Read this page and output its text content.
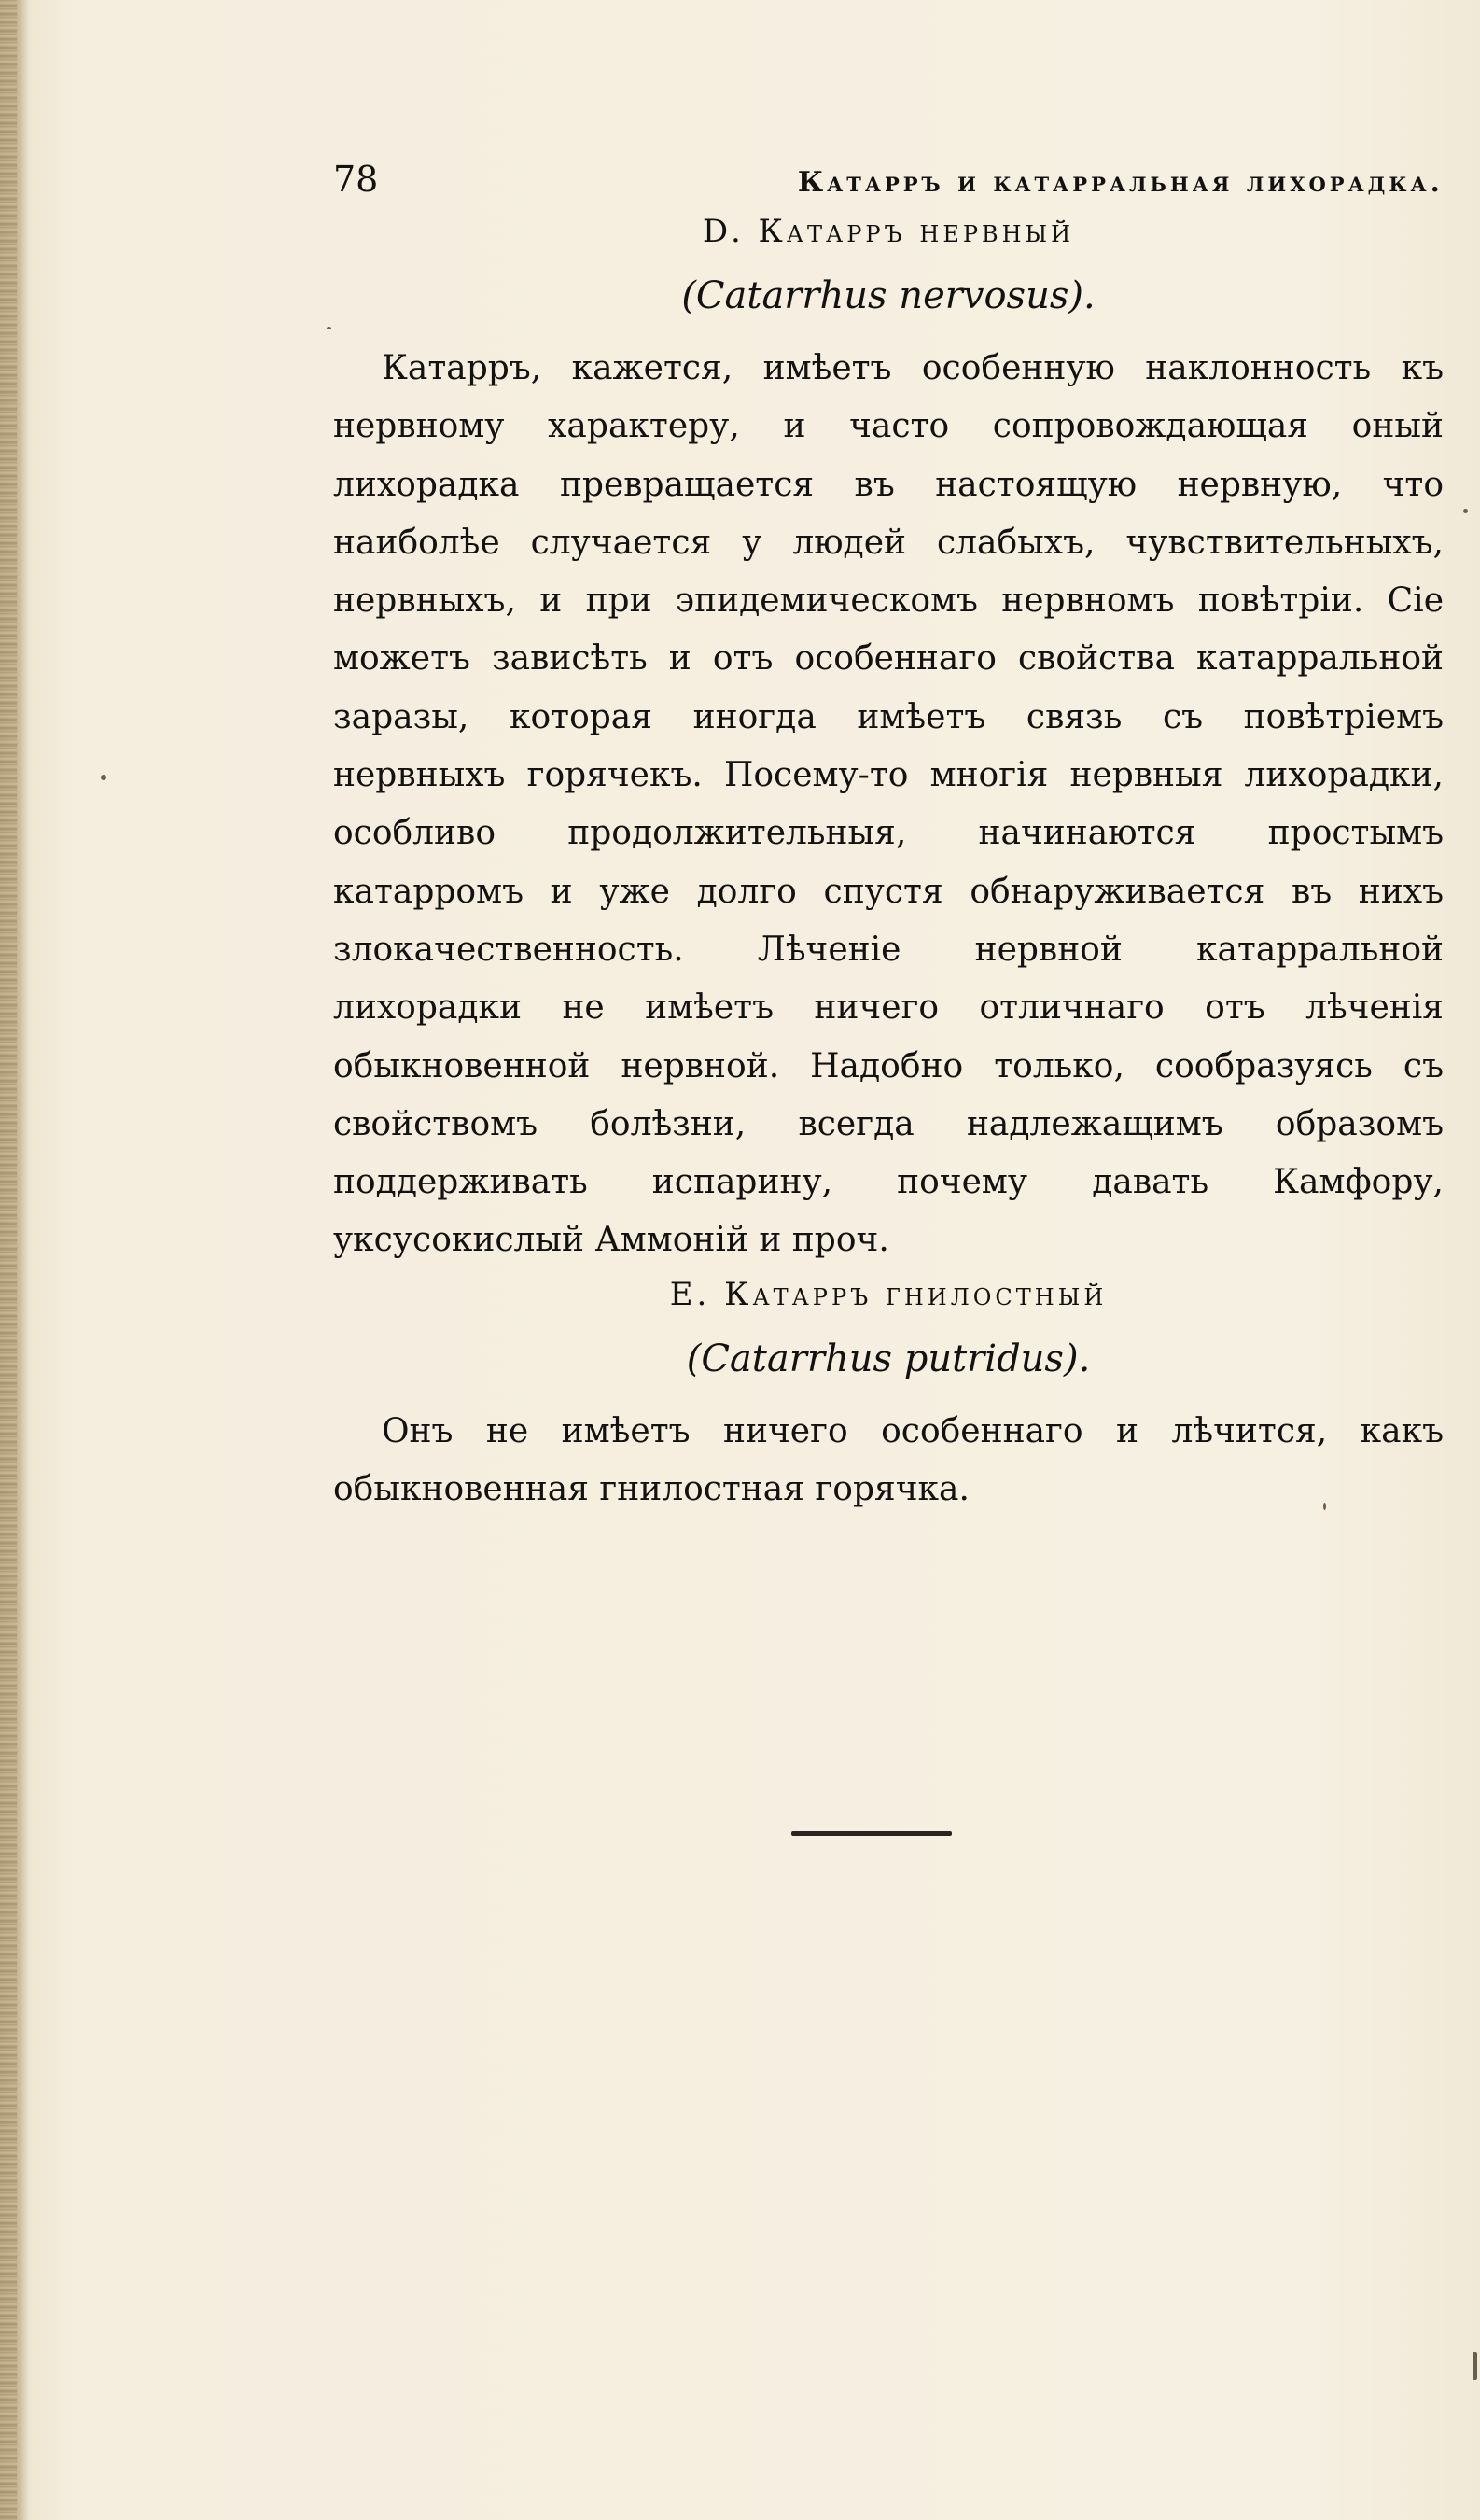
78	Катарръ и катарральная лихорадка.
D. Катарръ нервный
(Catarrhus nervosus).

Катарръ, кажется, имѣетъ особенную наклонность къ нервному характеру, и часто сопровождающая оный лихорадка превращается въ настоящую нервную, что наиболѣе случается у людей слабыхъ, чувствительныхъ, нервныхъ, и при эпидемическомъ нервномъ повѣтріи. Сіе можетъ зависѣть и отъ особеннаго свойства катарральной заразы, которая иногда имѣетъ связь съ повѣтріемъ нервныхъ горячекъ. Посему-то многія нервныя лихорадки, особливо продолжительныя, начинаются простымъ катарромъ и уже долго спустя обнаруживается въ нихъ злокачественность. Лѣченіе нервной катарральной лихорадки не имѣетъ ничего отличнаго отъ лѣченія обыкновенной нервной. Надобно только, сообразуясь съ свойствомъ болѣзни, всегда надлежащимъ образомъ поддерживать испарину, почему давать Камфору, уксусокислый Аммоній и проч.

E. Катарръ гнилостный
(Catarrhus putridus).

Онъ не имѣетъ ничего особеннаго и лѣчится, какъ обыкновенная гнилостная горячка.
